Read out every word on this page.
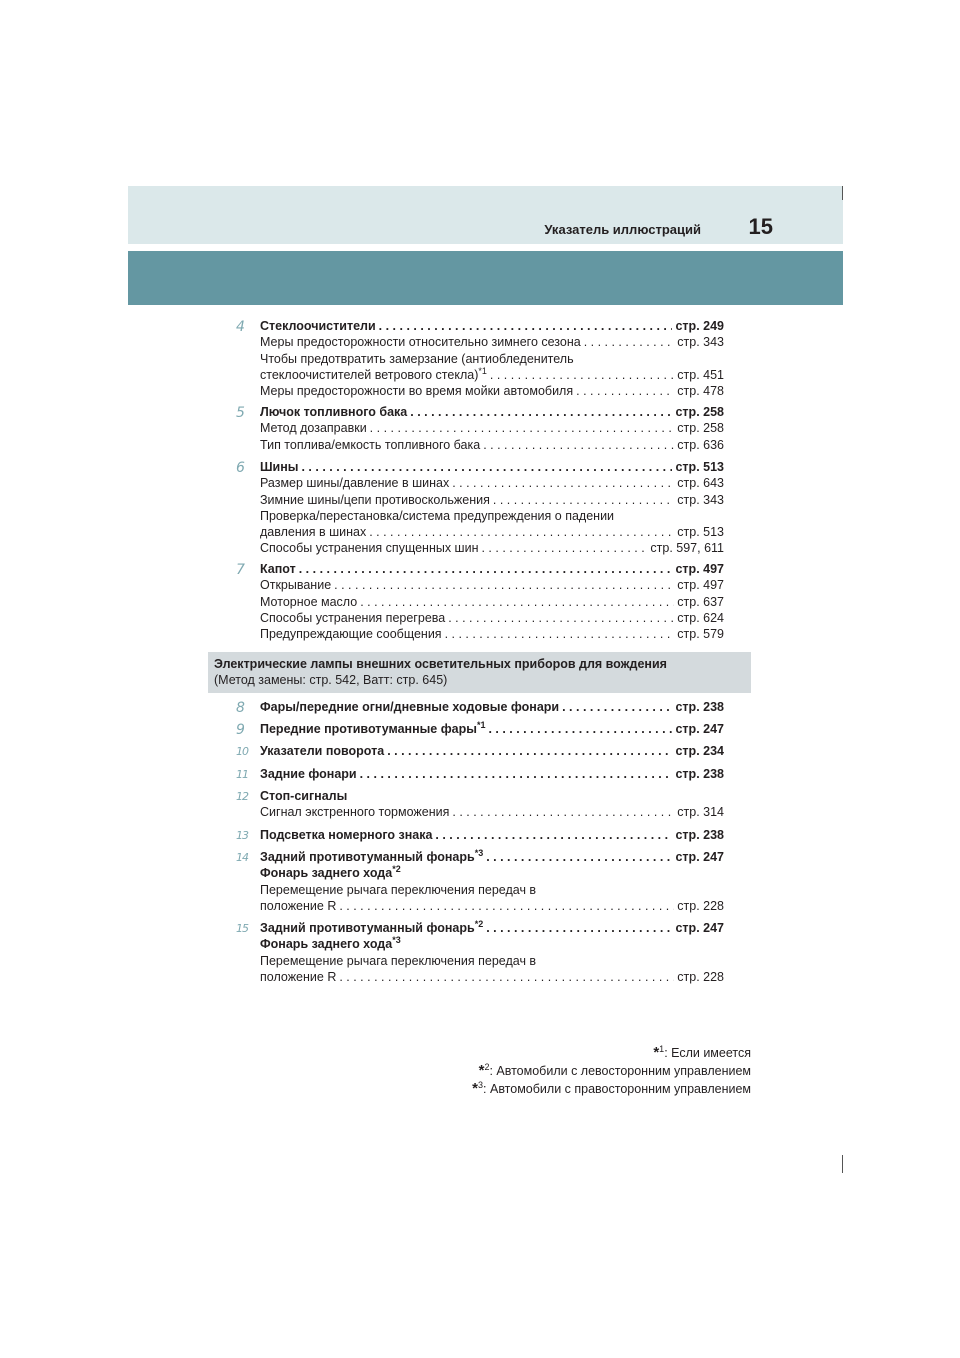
Указатель иллюстраций 15
4	Стеклоочистители . . .	стр. 249
Меры предосторожности относительно зимнего сезона . . .	стр. 343
Чтобы предотвратить замерзание (антиобледенитель
стеклоочистителей ветрового стекла)$^{*1}$ . . .	стр. 451
Меры предосторожности во время мойки автомобиля . . .	стр. 478
5	Лючок топливного бака . . .	стр. 258
Метод дозаправки . . .	стр. 258
Тип топлива/емкость топливного бака . . .	стр. 636
6	Шины . . .	стр. 513
Размер шины/давление в шинах . . .	стр. 643
Зимние шины/цепи противоскольжения . . .	стр. 343
Проверка/перестановка/система предупреждения о падении
давления в шинах . . .	стр. 513
Способы устранения спущенных шин . . .	стр. 597, 611
7	Капот . . .	стр. 497
Открывание . . .	стр. 497
Моторное масло . . .	стр. 637
Способы устранения перегрева . . .	стр. 624
Предупреждающие сообщения . . .	стр. 579
Электрические лампы внешних осветительных приборов для вождения
(Метод замены: стр. 542, Ватт: стр. 645)
8	Фары/передние огни/дневные ходовые фонари . . .	стр. 238
9	Передние противотуманные фары$^{*1}$ . . .	стр. 247
10 Указатели поворота . . .	стр. 234
11 Задние фонари . . .	стр. 238
12 Стоп-сигналы
Сигнал экстренного торможения . . .	стр. 314
13 Подсветка номерного знака . . .	стр. 238
14 Задний противотуманный фонарь$^{*3}$ . . .	стр. 247
Фонарь заднего хода$^{*2}$
Перемещение рычага переключения передач в
положение R . . .	стр. 228
15 Задний противотуманный фонарь$^{*2}$ . . .	стр. 247
Фонарь заднего хода$^{*3}$
Перемещение рычага переключения передач в
положение R . . .	стр. 228
*$^1$: Если имеется
*$^2$: Автомобили с левосторонним управлением
*$^3$: Автомобили с правосторонним управлением
